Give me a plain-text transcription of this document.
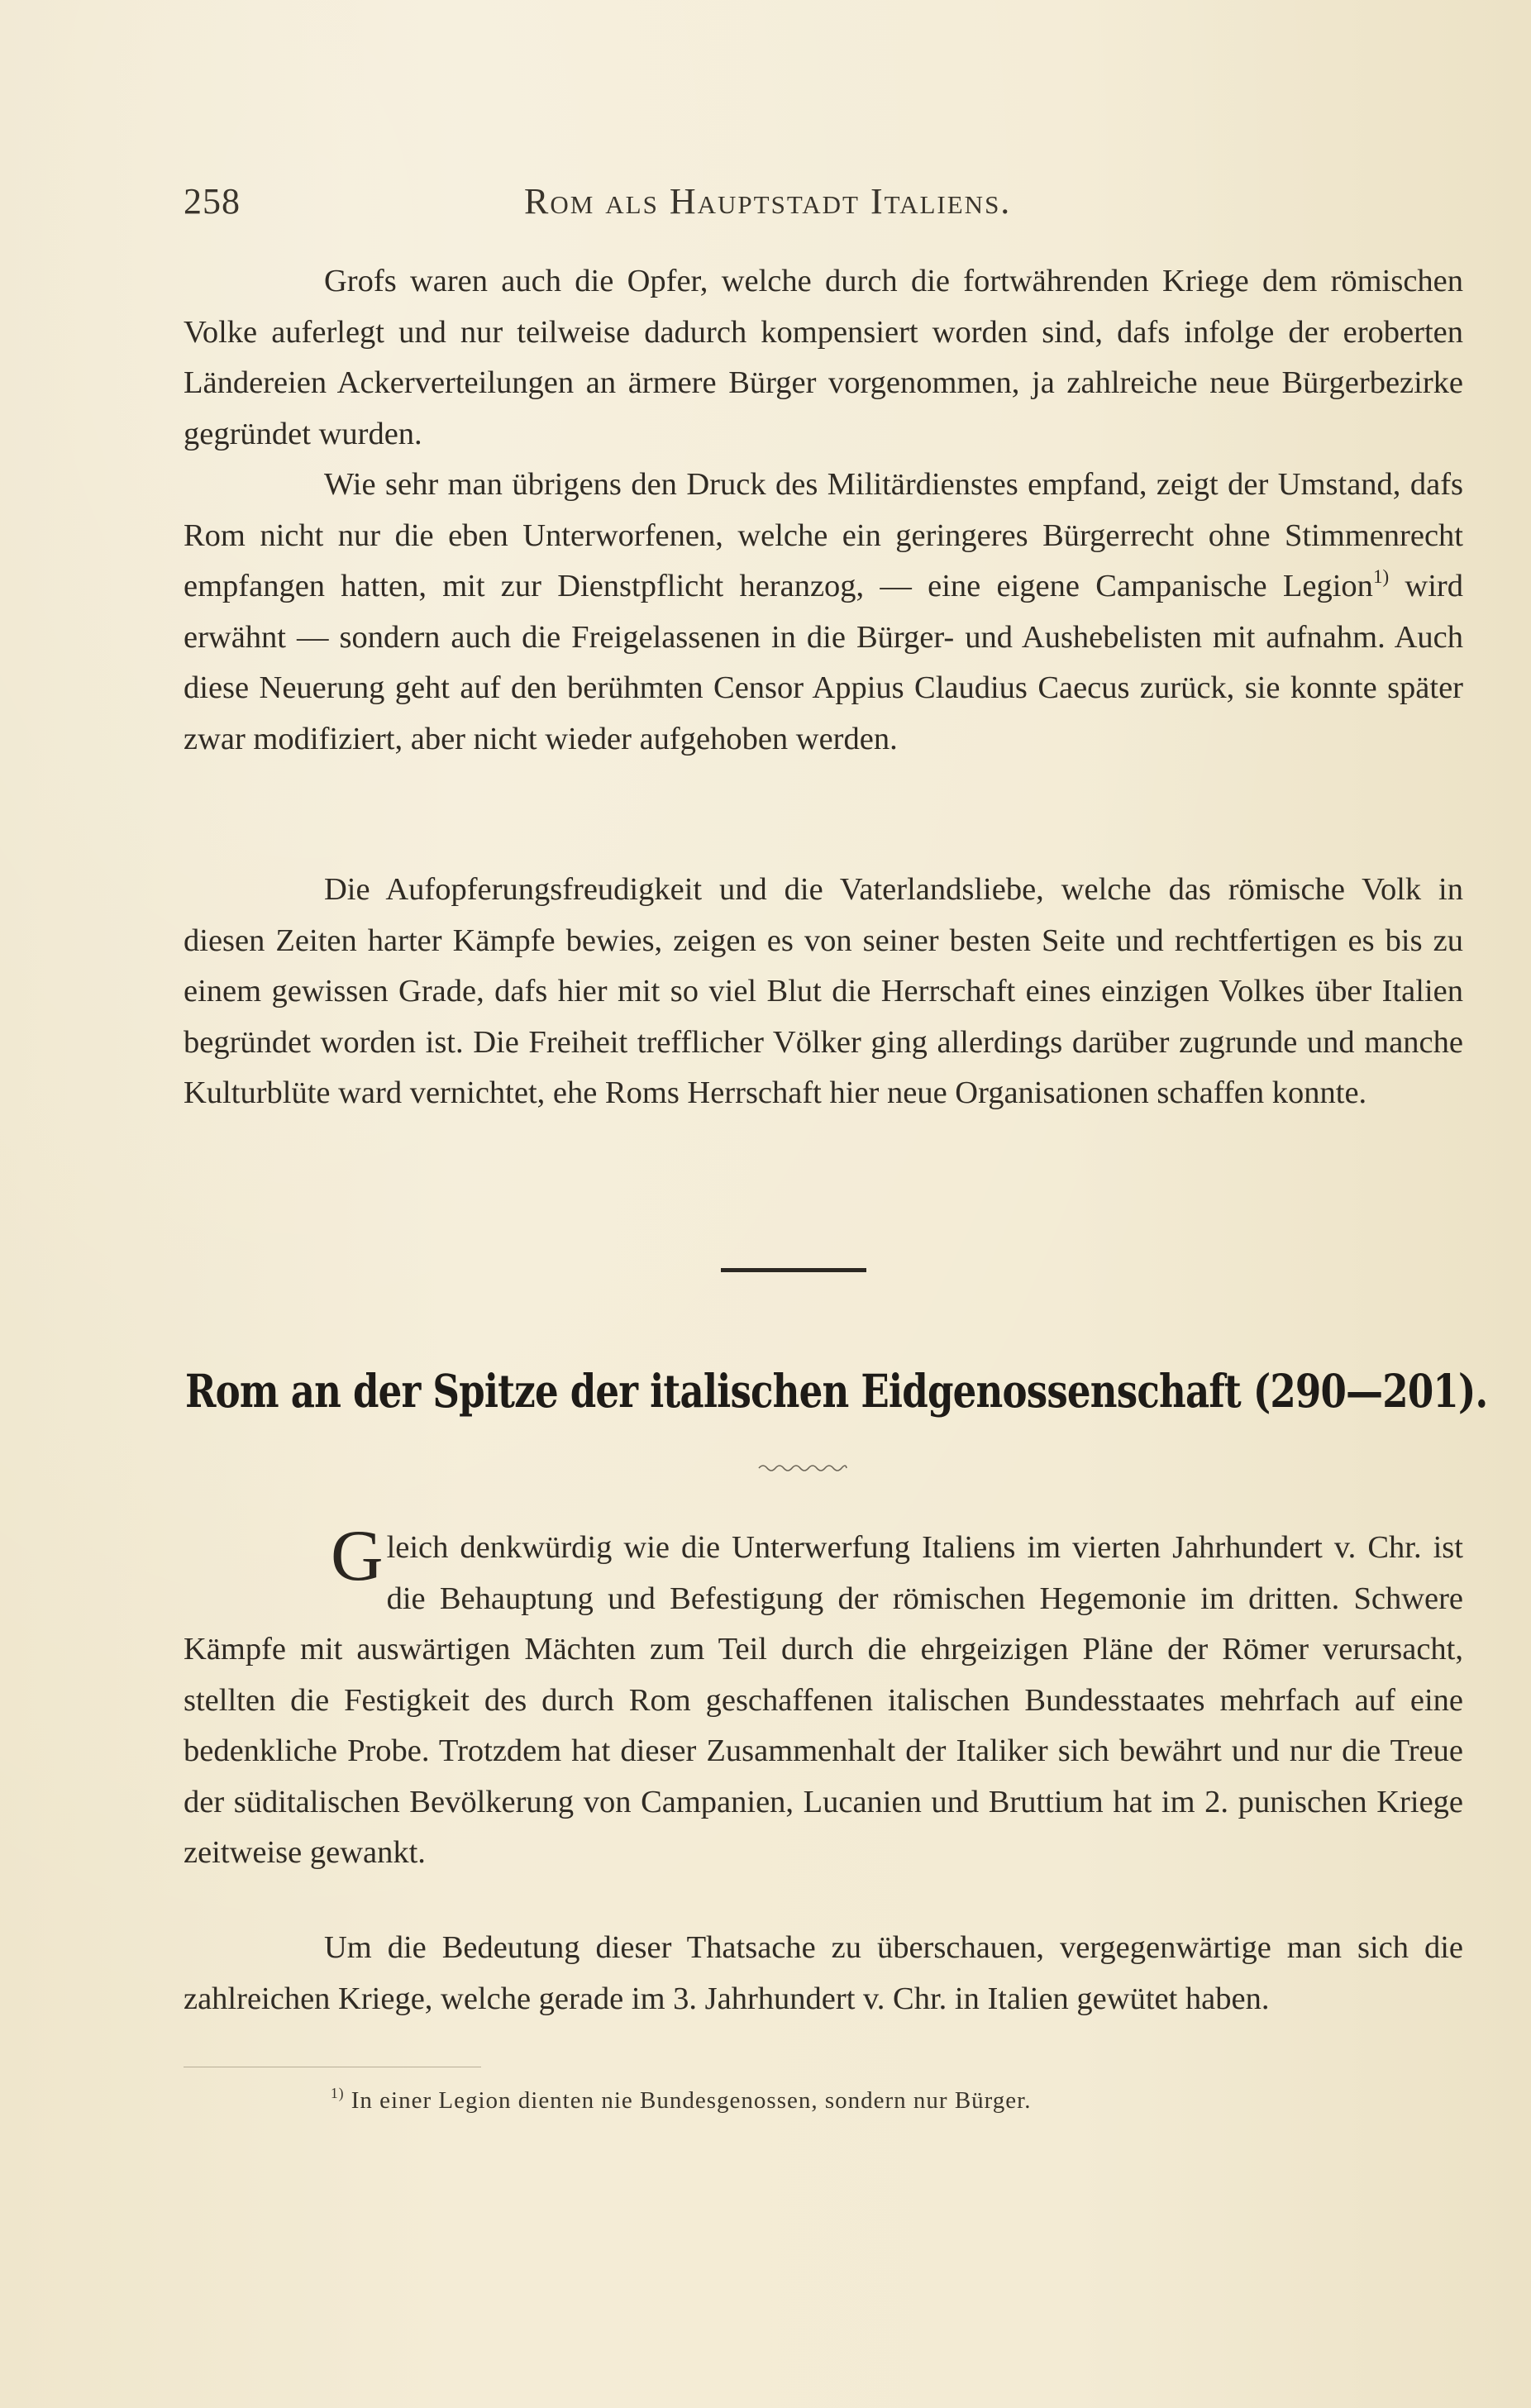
258	Rom als Hauptstadt Italiens.

Grofs waren auch die Opfer, welche durch die fortwährenden Kriege dem römischen Volke auferlegt und nur teilweise dadurch kompensiert worden sind, dafs infolge der eroberten Ländereien Ackerverteilungen an ärmere Bürger vorgenommen, ja zahlreiche neue Bürgerbezirke gegründet wurden.

Wie sehr man übrigens den Druck des Militärdienstes empfand, zeigt der Umstand, dafs Rom nicht nur die eben Unterworfenen, welche ein geringeres Bürgerrecht ohne Stimmenrecht empfangen hatten, mit zur Dienstpflicht heranzog, — eine eigene Campanische Legion$^{1)}$ wird erwähnt — sondern auch die Freigelassenen in die Bürger- und Aushebelisten mit aufnahm. Auch diese Neuerung geht auf den berühmten Censor Appius Claudius Caecus zurück, sie konnte später zwar modifiziert, aber nicht wieder aufgehoben werden.

Die Aufopferungsfreudigkeit und die Vaterlandsliebe, welche das römische Volk in diesen Zeiten harter Kämpfe bewies, zeigen es von seiner besten Seite und rechtfertigen es bis zu einem gewissen Grade, dafs hier mit so viel Blut die Herrschaft eines einzigen Volkes über Italien begründet worden ist. Die Freiheit trefflicher Völker ging allerdings darüber zugrunde und manche Kulturblüte ward vernichtet, ehe Roms Herrschaft hier neue Organisationen schaffen konnte.

Rom an der Spitze der italischen Eidgenossenschaft (290—201).

Gleich denkwürdig wie die Unterwerfung Italiens im vierten Jahrhundert v. Chr. ist die Behauptung und Befestigung der römischen Hegemonie im dritten. Schwere Kämpfe mit auswärtigen Mächten zum Teil durch die ehrgeizigen Pläne der Römer verursacht, stellten die Festigkeit des durch Rom geschaffenen italischen Bundesstaates mehrfach auf eine bedenkliche Probe. Trotzdem hat dieser Zusammenhalt der Italiker sich bewährt und nur die Treue der süditalischen Bevölkerung von Campanien, Lucanien und Bruttium hat im 2. punischen Kriege zeitweise gewankt.

Um die Bedeutung dieser Thatsache zu überschauen, vergegenwärtige man sich die zahlreichen Kriege, welche gerade im 3. Jahrhundert v. Chr. in Italien gewütet haben.

$^{1)}$ In einer Legion dienten nie Bundesgenossen, sondern nur Bürger.
